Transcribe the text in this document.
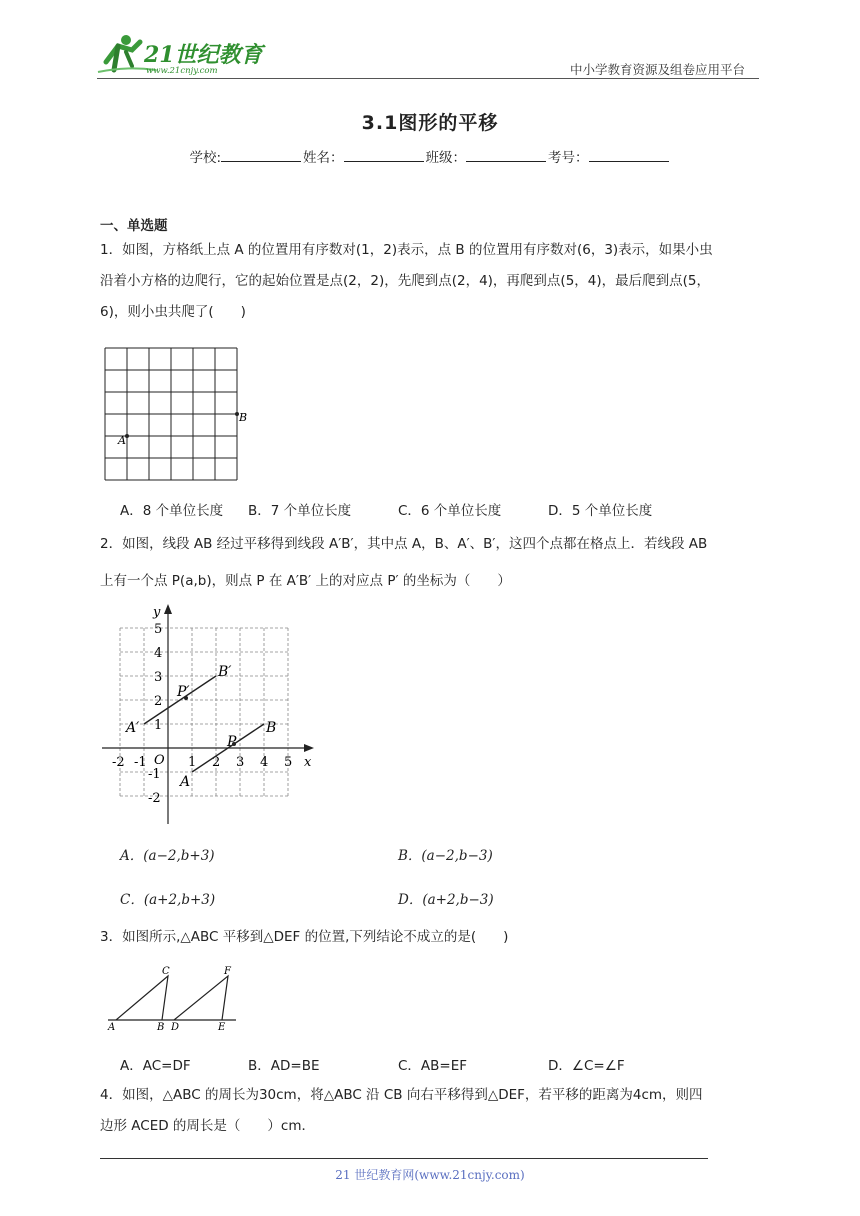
21世纪教育
www.21cnjy.com	中小学教育资源及组卷应用平台
3.1图形的平移
学校:	姓名：	班级：	考号：
一、单选题
1．如图，方格纸上点 A 的位置用有序数对(1，2)表示，点 B 的位置用有序数对(6，3)表示，如果小虫
沿着小方格的边爬行，它的起始位置是点(2，2)，先爬到点(2，4)，再爬到点(5，4)，最后爬到点(5，
6)，则小虫共爬了(　　)
A
B
A．8 个单位长度 B．7 个单位长度	C．6 个单位长度	D．5 个单位长度
2．如图，线段 AB 经过平移得到线段 A′B′，其中点 A，B、A′、B′，这四个点都在格点上．若线段 AB
上有一个点 P(a,b)，则点 P 在 A′B′ 上的对应点 P′ 的坐标为（　　）
y
x
5
4
3
2
1
-1
-2
-2 -1	1 2 3 4 5
O
A
B
P
A′
B′
P′
A．(a−2,b+3)	B．(a−2,b−3)
C．(a+2,b+3)	D．(a+2,b−3)
3．如图所示,△ABC 平移到△DEF 的位置,下列结论不成立的是(　　)
A	B
C
D	E
F
A．AC=DF	B．AD=BE	C．AB=EF	D．∠C=∠F
4．如图，△ABC 的周长为30cm，将△ABC 沿 CB 向右平移得到△DEF，若平移的距离为4cm，则四
边形 ACED 的周长是（　　）cm．
21 世纪教育网(www.21cnjy.com)
